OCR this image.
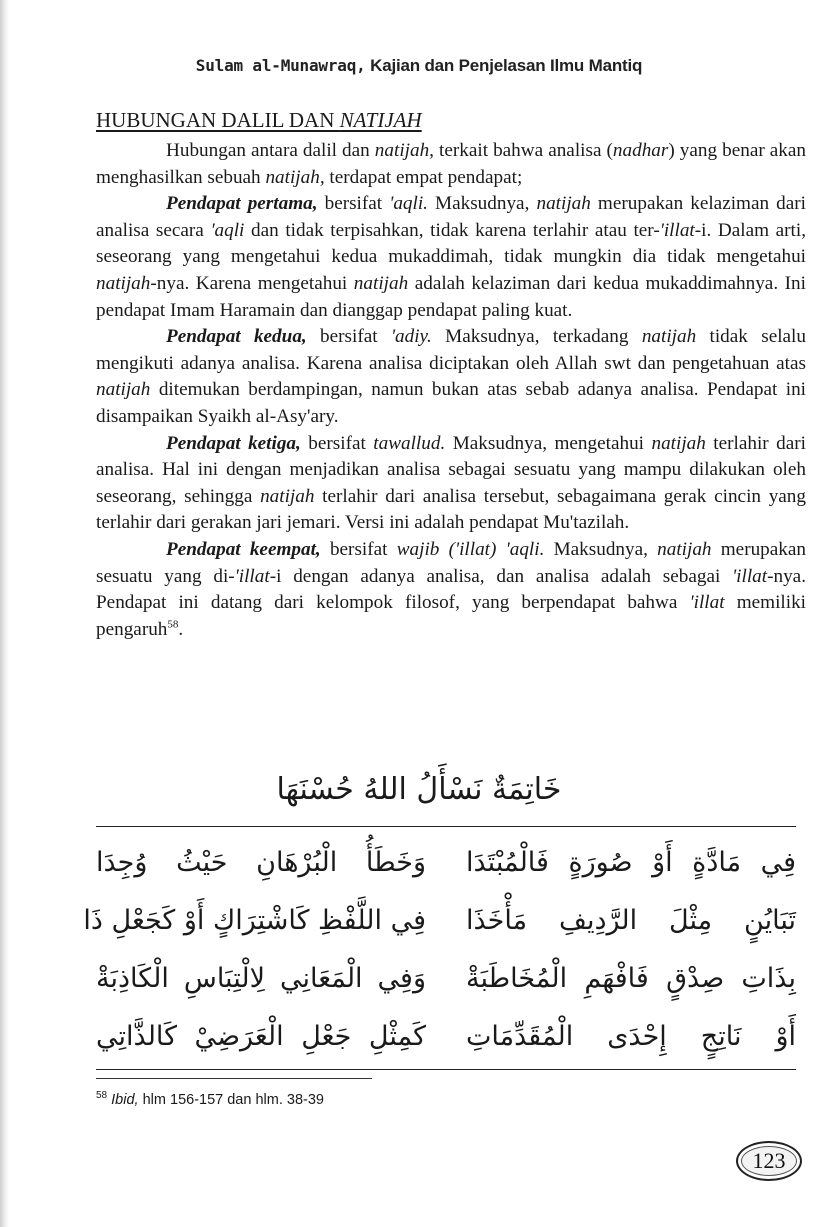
Sulam al-Munawraq, Kajian dan Penjelasan Ilmu Mantiq
HUBUNGAN DALIL DAN NATIJAH

Hubungan antara dalil dan natijah, terkait bahwa analisa (nadhar) yang benar akan menghasilkan sebuah natijah, terdapat empat pendapat;

Pendapat pertama, bersifat 'aqli. Maksudnya, natijah merupakan kelaziman dari analisa secara 'aqli dan tidak terpisahkan, tidak karena terlahir atau ter-'illat-i. Dalam arti, seseorang yang mengetahui kedua mukaddimah, tidak mungkin dia tidak mengetahui natijah-nya. Karena mengetahui natijah adalah kelaziman dari kedua mukaddimahnya. Ini pendapat Imam Haramain dan dianggap pendapat paling kuat.

Pendapat kedua, bersifat 'adiy. Maksudnya, terkadang natijah tidak selalu mengikuti adanya analisa. Karena analisa diciptakan oleh Allah swt dan pengetahuan atas natijah ditemukan berdampingan, namun bukan atas sebab adanya analisa. Pendapat ini disampaikan Syaikh al-Asy'ary.

Pendapat ketiga, bersifat tawallud. Maksudnya, mengetahui natijah terlahir dari analisa. Hal ini dengan menjadikan analisa sebagai sesuatu yang mampu dilakukan oleh seseorang, sehingga natijah terlahir dari analisa tersebut, sebagaimana gerak cincin yang terlahir dari gerakan jari jemari. Versi ini adalah pendapat Mu'tazilah.

Pendapat keempat, bersifat wajib ('illat) 'aqli. Maksudnya, natijah merupakan sesuatu yang di-'illat-i dengan adanya analisa, dan analisa adalah sebagai 'illat-nya. Pendapat ini datang dari kelompok filosof, yang berpendapat bahwa 'illat memiliki pengaruh$^{58}$.

خَاتِمَةٌ نَسْأَلُ اللهُ حُسْنَهَا
وَخَطَأُ الْبُرْهَانِ حَيْثُ وُجِدَا فِي مَادَّةٍ أَوْ صُورَةٍ فَالْمُبْتَدَا
فِي اللَّفْظِ كَاشْتِرَاكٍ أَوْ كَجَعْلِ ذَا تَبَايُنٍ مِثْلَ الرَّدِيفِ مَأْخَذَا
وَفِي الْمَعَانِي لِالْتِبَاسِ الْكَاذِبَةْ بِذَاتِ صِدْقٍ فَافْهَمِ الْمُخَاطَبَةْ
كَمِثْلِ جَعْلِ الْعَرَضِيْ كَالذَّاتِي أَوْ نَاتِجٍ إِحْدَى الْمُقَدِّمَاتِ
$^{58}$ Ibid, hlm 156-157 dan hlm. 38-39
123
